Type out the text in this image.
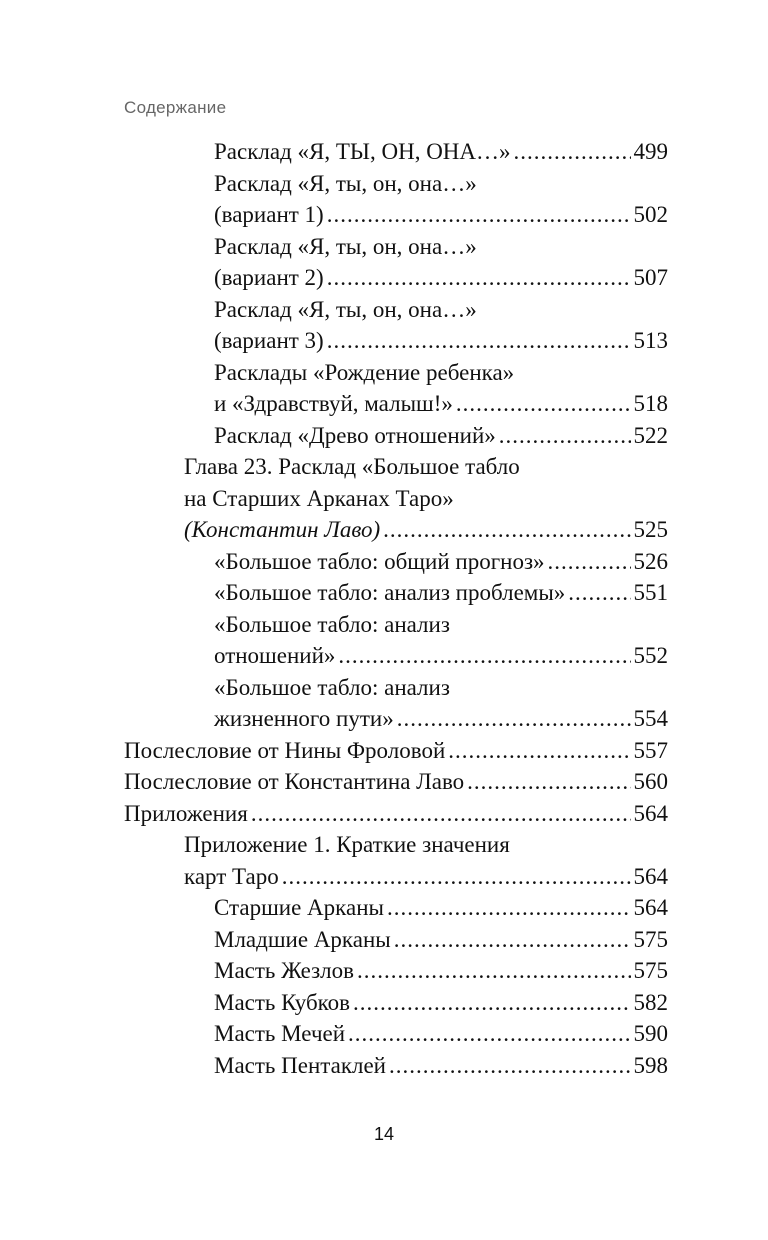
Содержание
Расклад «Я, ТЫ, ОН, ОНА…» .....	499
Расклад «Я, ты, он, она…»
(вариант 1) .....	502
Расклад «Я, ты, он, она…»
(вариант 2) .....	507
Расклад «Я, ты, он, она…»
(вариант 3) .....	513
Расклады «Рождение ребенка»
и «Здравствуй, малыш!» .....	518
Расклад «Древо отношений» .....	522
Глава 23. Расклад «Большое табло
на Старших Арканах Таро»
(Константин Лаво) .....	525
«Большое табло: общий прогноз» .....	526
«Большое табло: анализ проблемы» .....	551
«Большое табло: анализ
отношений» .....	552
«Большое табло: анализ
жизненного пути» .....	554
Послесловие от Нины Фроловой .....	557
Послесловие от Константина Лаво .....	560
Приложения .....	564
Приложение 1. Краткие значения
карт Таро .....	564
Старшие Арканы .....	564
Младшие Арканы .....	575
Масть Жезлов .....	575
Масть Кубков .....	582
Масть Мечей .....	590
Масть Пентаклей .....	598
14
